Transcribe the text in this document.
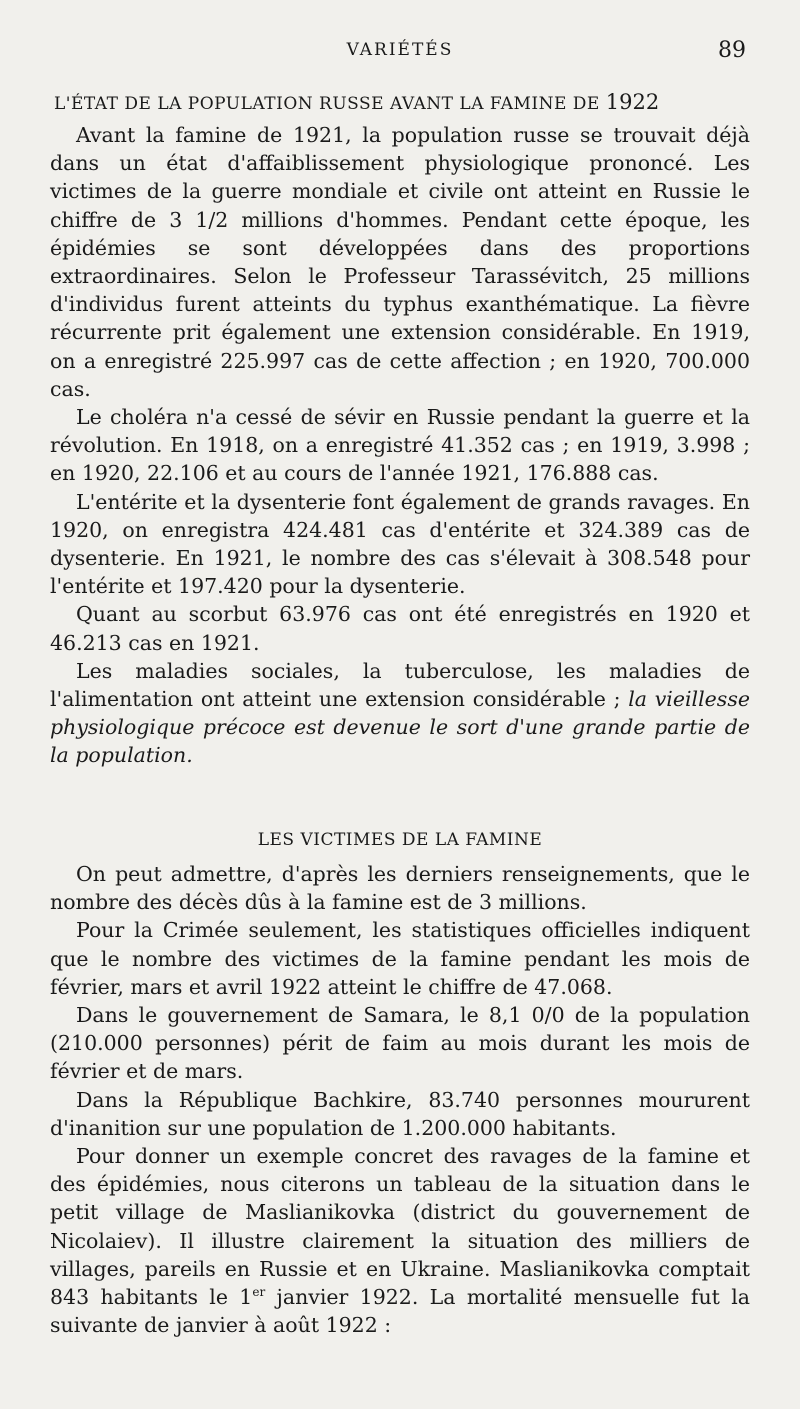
VARIÉTÉS	89
L'ÉTAT DE LA POPULATION RUSSE AVANT LA FAMINE DE 1922

Avant la famine de 1921, la population russe se trouvait déjà dans un état d'affaiblissement physiologique prononcé. Les victimes de la guerre mondiale et civile ont atteint en Russie le chiffre de 3 1/2 millions d'hommes. Pendant cette époque, les épidémies se sont développées dans des proportions extraordinaires. Selon le Professeur Tarassévitch, 25 millions d'individus furent atteints du typhus exanthématique. La fièvre récurrente prit également une extension considérable. En 1919, on a enregistré 225.997 cas de cette affection ; en 1920, 700.000 cas.

Le choléra n'a cessé de sévir en Russie pendant la guerre et la révolution. En 1918, on a enregistré 41.352 cas ; en 1919, 3.998 ; en 1920, 22.106 et au cours de l'année 1921, 176.888 cas.

L'entérite et la dysenterie font également de grands ravages. En 1920, on enregistra 424.481 cas d'entérite et 324.389 cas de dysenterie. En 1921, le nombre des cas s'élevait à 308.548 pour l'entérite et 197.420 pour la dysenterie.

Quant au scorbut 63.976 cas ont été enregistrés en 1920 et 46.213 cas en 1921.

Les maladies sociales, la tuberculose, les maladies de l'alimentation ont atteint une extension considérable ; la vieillesse physiologique précoce est devenue le sort d'une grande partie de la population.

LES VICTIMES DE LA FAMINE

On peut admettre, d'après les derniers renseignements, que le nombre des décès dûs à la famine est de 3 millions.

Pour la Crimée seulement, les statistiques officielles indiquent que le nombre des victimes de la famine pendant les mois de février, mars et avril 1922 atteint le chiffre de 47.068.

Dans le gouvernement de Samara, le 8,1 0/0 de la population (210.000 personnes) périt de faim au mois durant les mois de février et de mars.

Dans la République Bachkire, 83.740 personnes moururent d'inanition sur une population de 1.200.000 habitants.

Pour donner un exemple concret des ravages de la famine et des épidémies, nous citerons un tableau de la situation dans le petit village de Maslianikovka (district du gouvernement de Nicolaiev). Il illustre clairement la situation des milliers de villages, pareils en Russie et en Ukraine. Maslianikovka comptait 843 habitants le 1er janvier 1922. La mortalité mensuelle fut la suivante de janvier à août 1922 :
